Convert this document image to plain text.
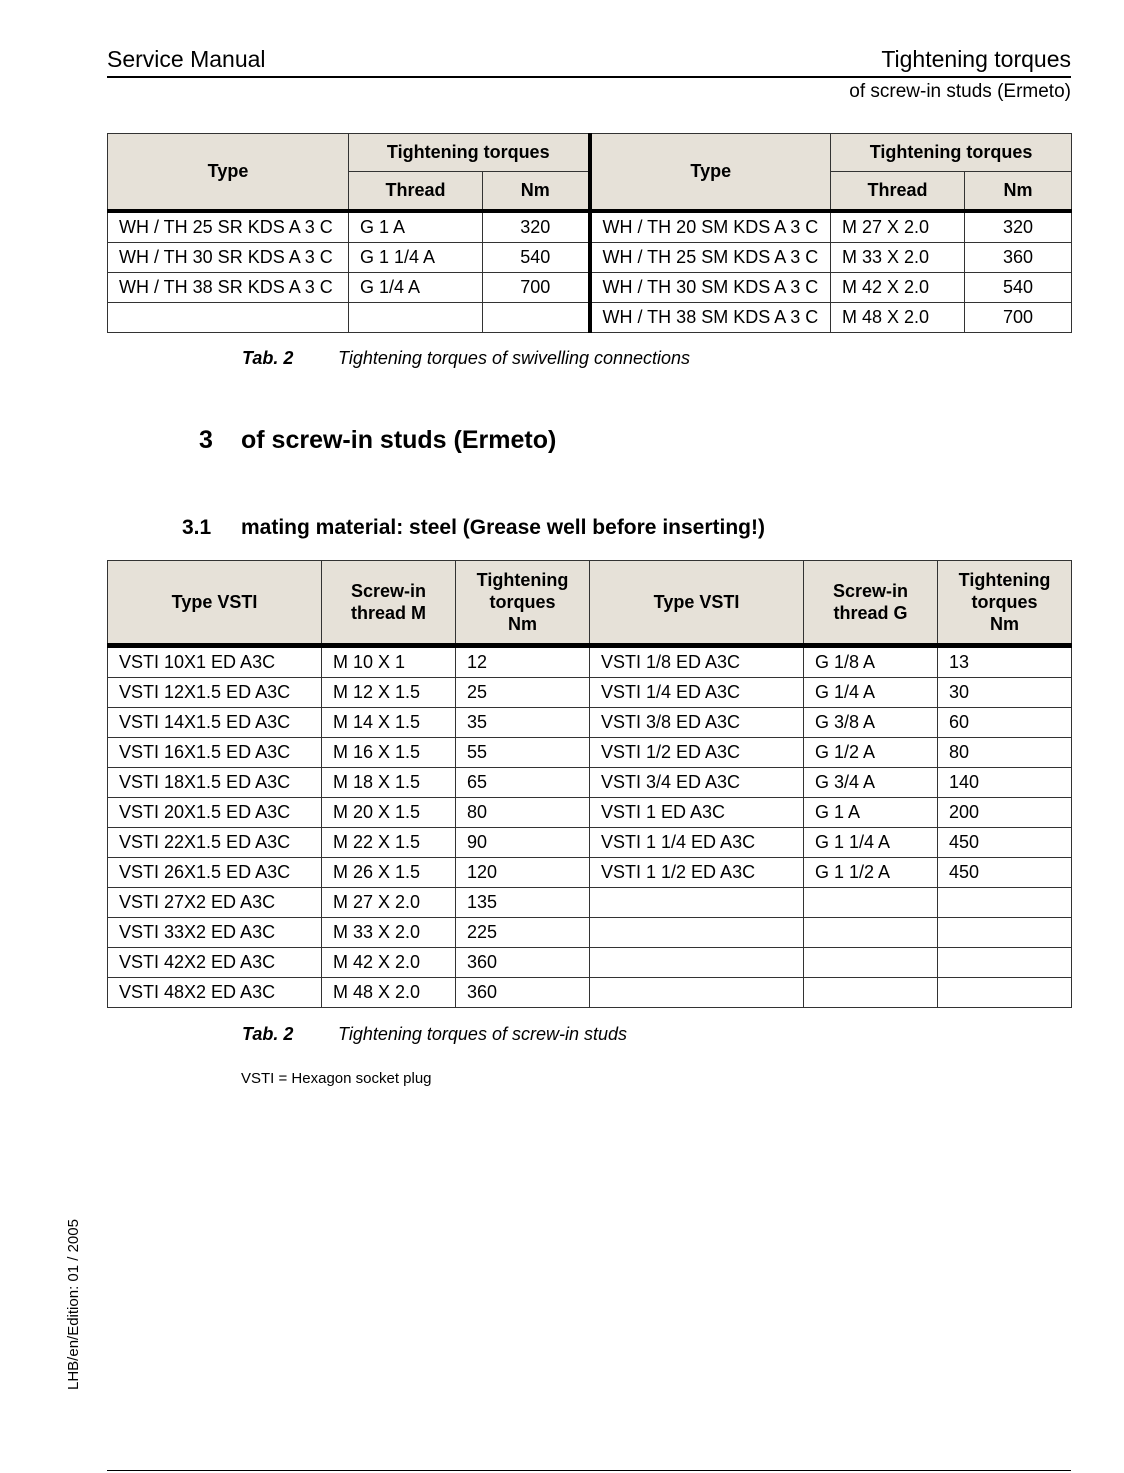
Service Manual	Tightening torques
of screw-in studs (Ermeto)
Type	Tightening torques		Type	Tightening torques	
	Thread	Nm		Thread	Nm
WH / TH 25 SR KDS A 3 C	G 1 A	320	WH / TH 20 SM KDS A 3 C	M 27 X 2.0	320
WH / TH 30 SR KDS A 3 C	G 1 1/4 A	540	WH / TH 25 SM KDS A 3 C	M 33 X 2.0	360
WH / TH 38 SR KDS A 3 C	G 1/4 A	700	WH / TH 30 SM KDS A 3 C	M 42 X 2.0	540
			WH / TH 38 SM KDS A 3 C	M 48 X 2.0	700
Tab. 2 Tightening torques of swivelling connections
3 of screw-in studs (Ermeto)
3.1 mating material: steel (Grease well before inserting!)
Type VSTI	Screw-in
thread M	Tightening
torques
Nm	Type VSTI	Screw-in
thread G	Tightening
torques
Nm
VSTI 10X1 ED A3C	M 10 X 1	12	VSTI 1/8 ED A3C	G 1/8 A	13
VSTI 12X1.5 ED A3C	M 12 X 1.5	25	VSTI 1/4 ED A3C	G 1/4 A	30
VSTI 14X1.5 ED A3C	M 14 X 1.5	35	VSTI 3/8 ED A3C	G 3/8 A	60
VSTI 16X1.5 ED A3C	M 16 X 1.5	55	VSTI 1/2 ED A3C	G 1/2 A	80
VSTI 18X1.5 ED A3C	M 18 X 1.5	65	VSTI 3/4 ED A3C	G 3/4 A	140
VSTI 20X1.5 ED A3C	M 20 X 1.5	80	VSTI 1 ED A3C	G 1 A	200
VSTI 22X1.5 ED A3C	M 22 X 1.5	90	VSTI 1 1/4 ED A3C	G 1 1/4 A	450
VSTI 26X1.5 ED A3C	M 26 X 1.5	120	VSTI 1 1/2 ED A3C	G 1 1/2 A	450
VSTI 27X2 ED A3C	M 27 X 2.0	135			
VSTI 33X2 ED A3C	M 33 X 2.0	225			
VSTI 42X2 ED A3C	M 42 X 2.0	360			
VSTI 48X2 ED A3C	M 48 X 2.0	360			
Tab. 2 Tightening torques of screw-in studs
VSTI = Hexagon socket plug
LHB/en/Edition: 01 / 2005
